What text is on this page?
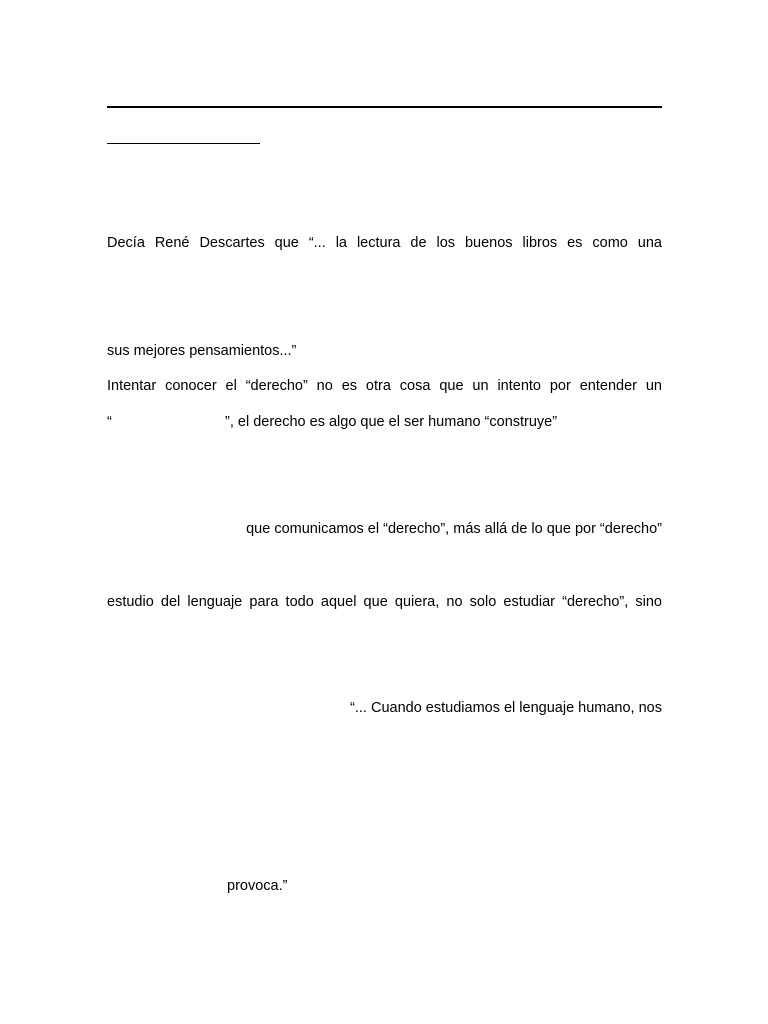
Decía René Descartes que “... la lectura de los buenos libros es como una
sus mejores pensamientos...”
Intentar conocer el “derecho” no es otra cosa que un intento por entender un
“	”, el derecho es algo que el ser humano “construye”
que comunicamos el “derecho”, más allá de lo que por “derecho”
estudio del lenguaje para todo aquel que quiera, no solo estudiar “derecho”, sino
“... Cuando estudiamos el lenguaje humano, nos
provoca.”
